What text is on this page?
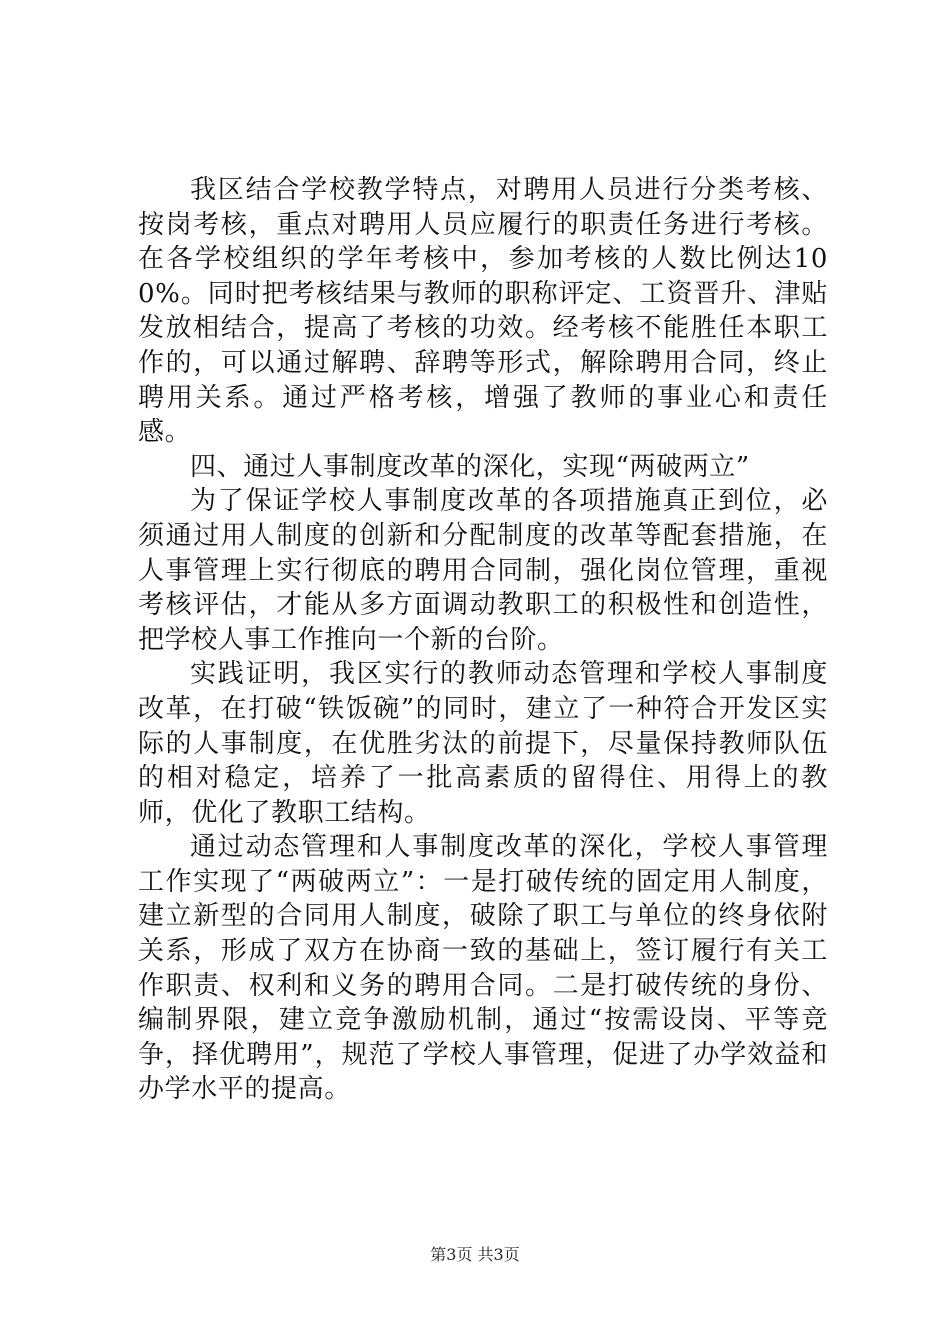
我区结合学校教学特点，对聘用人员进行分类考核、按岗考核，重点对聘用人员应履行的职责任务进行考核。在各学校组织的学年考核中，参加考核的人数比例达100%。同时把考核结果与教师的职称评定、工资晋升、津贴发放相结合，提高了考核的功效。经考核不能胜任本职工作的，可以通过解聘、辞聘等形式，解除聘用合同，终止聘用关系。通过严格考核，增强了教师的事业心和责任感。

四、通过人事制度改革的深化，实现“两破两立”

为了保证学校人事制度改革的各项措施真正到位，必须通过用人制度的创新和分配制度的改革等配套措施，在人事管理上实行彻底的聘用合同制，强化岗位管理，重视考核评估，才能从多方面调动教职工的积极性和创造性，把学校人事工作推向一个新的台阶。

实践证明，我区实行的教师动态管理和学校人事制度改革，在打破“铁饭碗”的同时，建立了一种符合开发区实际的人事制度，在优胜劣汰的前提下，尽量保持教师队伍的相对稳定，培养了一批高素质的留得住、用得上的教师，优化了教职工结构。

通过动态管理和人事制度改革的深化，学校人事管理工作实现了“两破两立”：一是打破传统的固定用人制度，建立新型的合同用人制度，破除了职工与单位的终身依附关系，形成了双方在协商一致的基础上，签订履行有关工作职责、权利和义务的聘用合同。二是打破传统的身份、编制界限，建立竞争激励机制，通过“按需设岗、平等竞争，择优聘用”，规范了学校人事管理，促进了办学效益和办学水平的提高。

第3页 共3页
